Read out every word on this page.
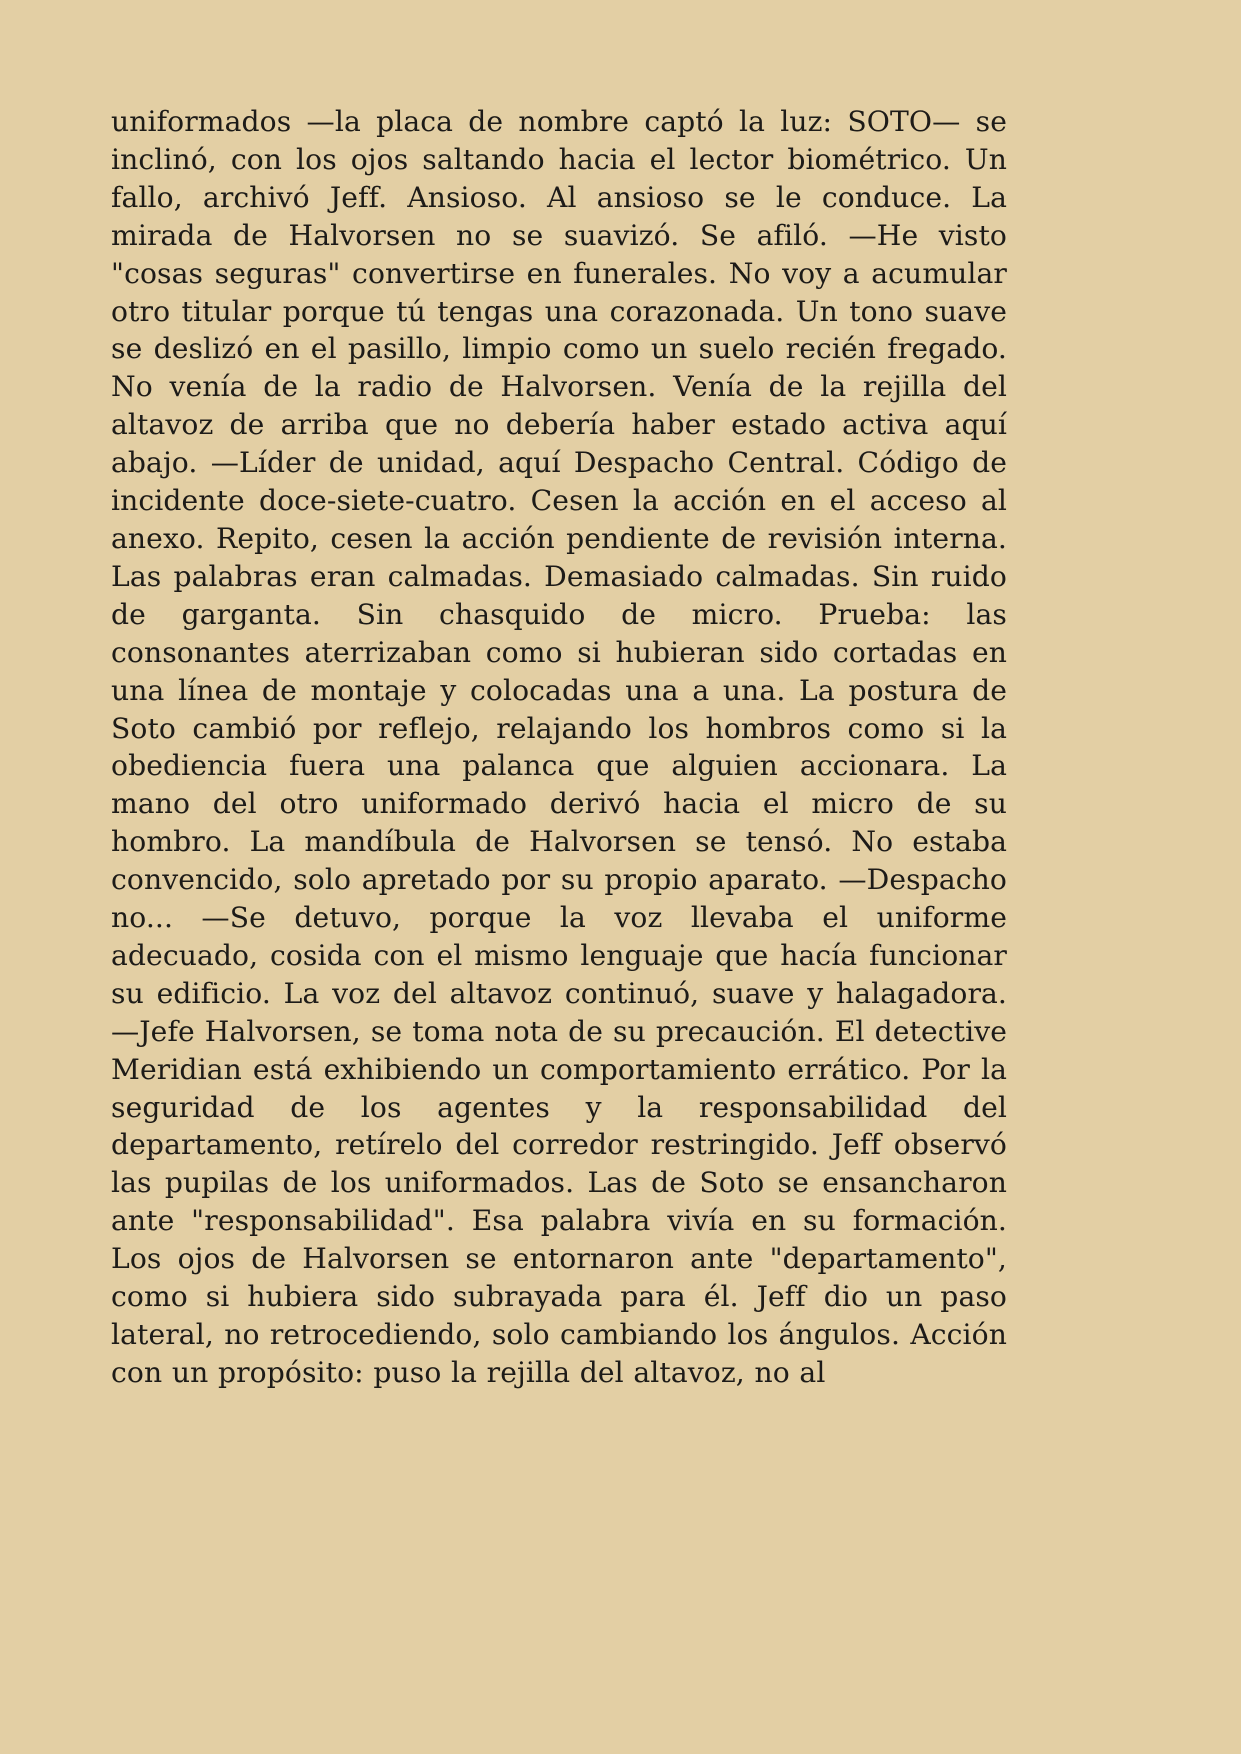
uniformados —la placa de nombre captó la luz: SOTO— se inclinó, con los ojos saltando hacia el lector biométrico. Un fallo, archivó Jeff. Ansioso. Al ansioso se le conduce. La mirada de Halvorsen no se suavizó. Se afiló. —He visto "cosas seguras" convertirse en funerales. No voy a acumular otro titular porque tú tengas una corazonada. Un tono suave se deslizó en el pasillo, limpio como un suelo recién fregado. No venía de la radio de Halvorsen. Venía de la rejilla del altavoz de arriba que no debería haber estado activa aquí abajo. —Líder de unidad, aquí Despacho Central. Código de incidente doce-siete-cuatro. Cesen la acción en el acceso al anexo. Repito, cesen la acción pendiente de revisión interna. Las palabras eran calmadas. Demasiado calmadas. Sin ruido de garganta. Sin chasquido de micro. Prueba: las consonantes aterrizaban como si hubieran sido cortadas en una línea de montaje y colocadas una a una. La postura de Soto cambió por reflejo, relajando los hombros como si la obediencia fuera una palanca que alguien accionara. La mano del otro uniformado derivó hacia el micro de su hombro. La mandíbula de Halvorsen se tensó. No estaba convencido, solo apretado por su propio aparato. —Despacho no... —Se detuvo, porque la voz llevaba el uniforme adecuado, cosida con el mismo lenguaje que hacía funcionar su edificio. La voz del altavoz continuó, suave y halagadora. —Jefe Halvorsen, se toma nota de su precaución. El detective Meridian está exhibiendo un comportamiento errático. Por la seguridad de los agentes y la responsabilidad del departamento, retírelo del corredor restringido. Jeff observó las pupilas de los uniformados. Las de Soto se ensancharon ante "responsabilidad". Esa palabra vivía en su formación. Los ojos de Halvorsen se entornaron ante "departamento", como si hubiera sido subrayada para él. Jeff dio un paso lateral, no retrocediendo, solo cambiando los ángulos. Acción con un propósito: puso la rejilla del altavoz, no al
